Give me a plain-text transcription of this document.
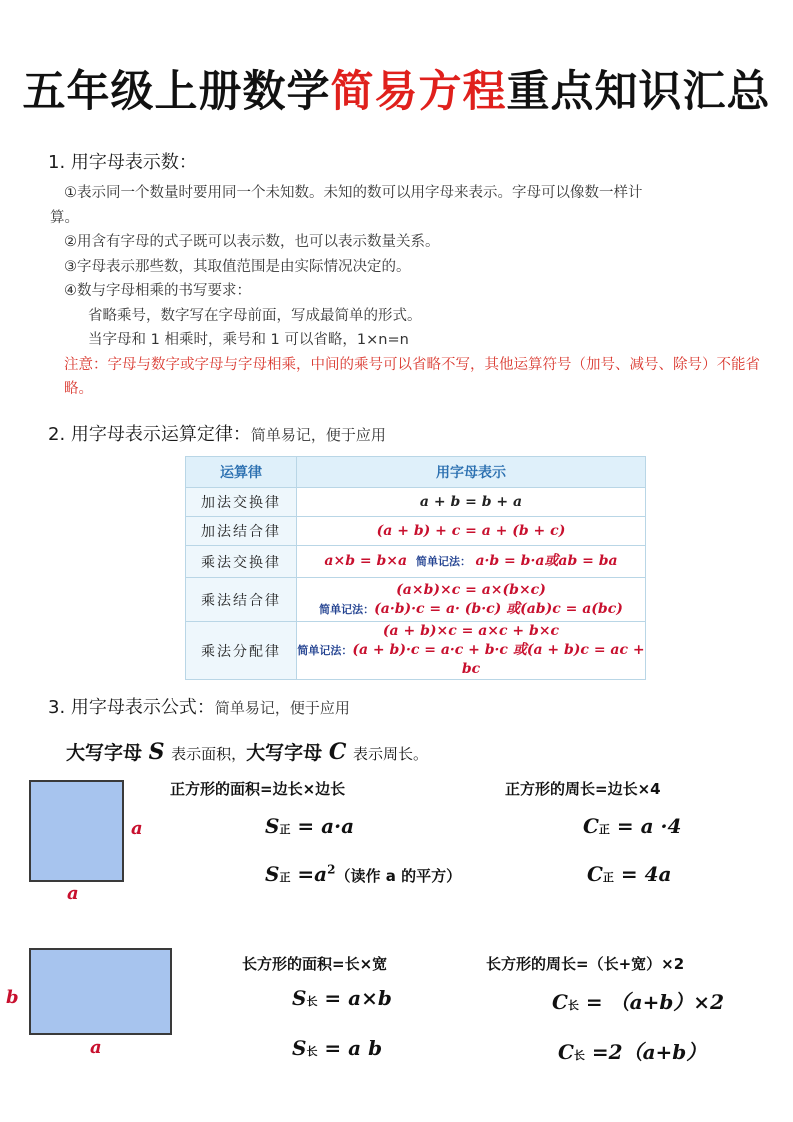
五年级上册数学简易方程重点知识汇总
1. 用字母表示数：
①表示同一个数量时要用同一个未知数。未知的数可以用字母来表示。字母可以像数一样计
算。
②用含有字母的式子既可以表示数，也可以表示数量关系。
③字母表示那些数，其取值范围是由实际情况决定的。
④数与字母相乘的书写要求：
省略乘号，数字写在字母前面，写成最简单的形式。
当字母和 1 相乘时，乘号和 1 可以省略，1×n=n
注意：字母与数字或字母与字母相乘，中间的乘号可以省略不写，其他运算符号（加号、减号、除号）不能省略。
2. 用字母表示运算定律：简单易记，便于应用
运算律	用字母表示
加法交换律	a + b = b + a
加法结合律	(a + b) + c = a + (b + c)
乘法交换律	a×b = b×a 简单记法： a·b = b·a或ab = ba
乘法结合律	(a×b)×c = a×(b×c)
简单记法：(a·b)·c = a· (b·c) 或(ab)c = a(bc)

乘法分配律	(a + b)×c = a×c + b×c
简单记法：(a + b)·c = a·c + b·c 或(a + b)c = ac + bc
3. 用字母表示公式：简单易记，便于应用
大写字母 S 表示面积，大写字母 C 表示周长。
a
a
正方形的面积=边长×边长	正方形的周长=边长×4
S正 = a·a
S正 $=a^2$（读作 a 的平方）
C正 = a ·4
C正 = 4a
b
a
长方形的面积=长×宽	长方形的周长=（长+宽）×2
S长 = a×b
S长 = a b
C长 = （a+b）×2
C长 =2（a+b）
